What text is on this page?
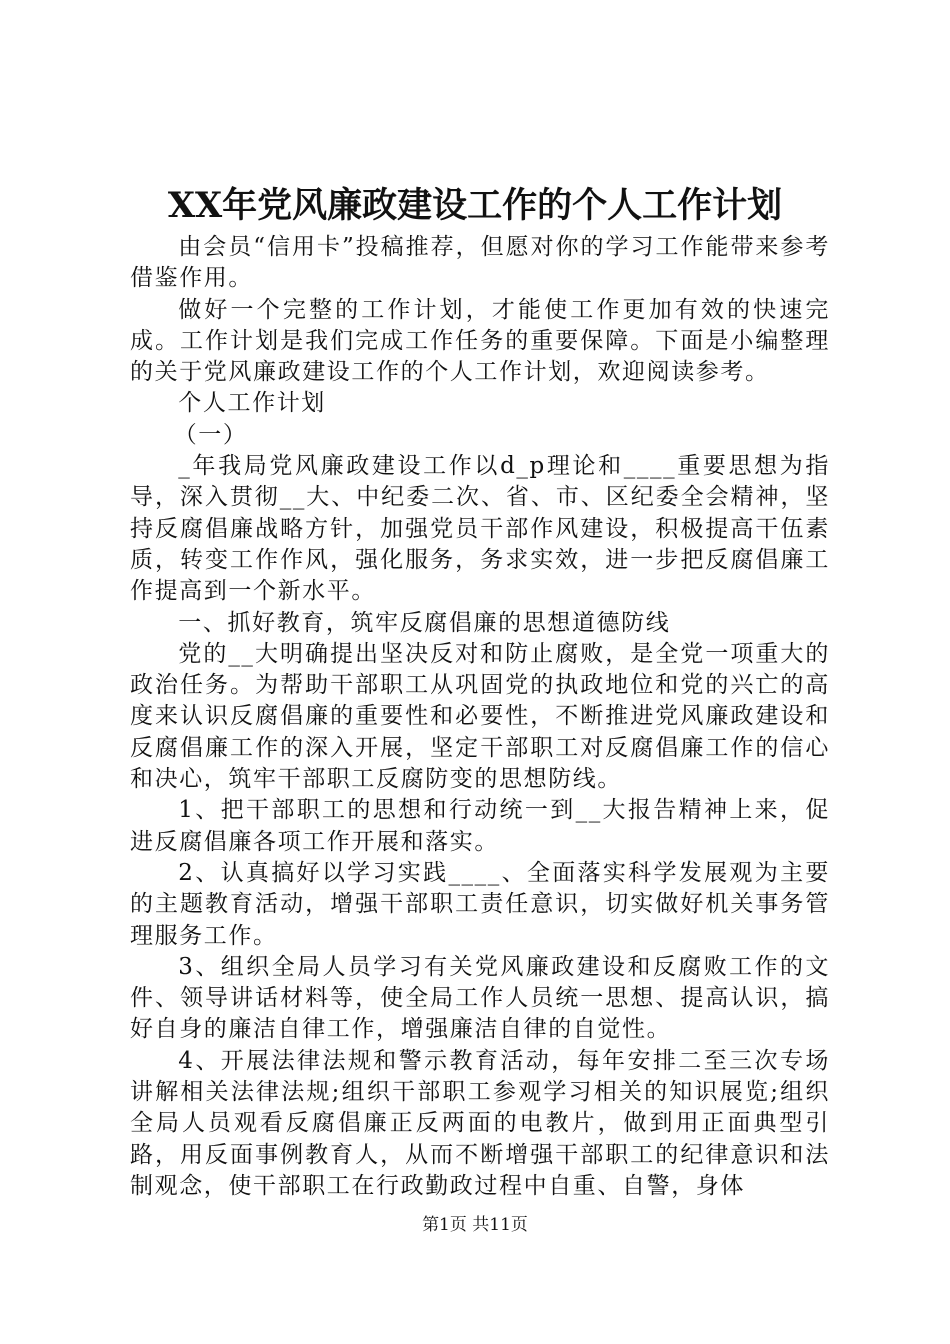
XX年党风廉政建设工作的个人工作计划

由会员“信用卡”投稿推荐，但愿对你的学习工作能带来参考借鉴作用。

做好一个完整的工作计划，才能使工作更加有效的快速完成。工作计划是我们完成工作任务的重要保障。下面是小编整理的关于党风廉政建设工作的个人工作计划，欢迎阅读参考。

个人工作计划

（一）

_年我局党风廉政建设工作以d_p理论和____重要思想为指导，深入贯彻__大、中纪委二次、省、市、区纪委全会精神，坚持反腐倡廉战略方针，加强党员干部作风建设，积极提高干伍素质，转变工作作风，强化服务，务求实效，进一步把反腐倡廉工作提高到一个新水平。

一、抓好教育，筑牢反腐倡廉的思想道德防线

党的__大明确提出坚决反对和防止腐败，是全党一项重大的政治任务。为帮助干部职工从巩固党的执政地位和党的兴亡的高度来认识反腐倡廉的重要性和必要性，不断推进党风廉政建设和反腐倡廉工作的深入开展，坚定干部职工对反腐倡廉工作的信心和决心，筑牢干部职工反腐防变的思想防线。

1、把干部职工的思想和行动统一到__大报告精神上来，促进反腐倡廉各项工作开展和落实。

2、认真搞好以学习实践____、全面落实科学发展观为主要的主题教育活动，增强干部职工责任意识，切实做好机关事务管理服务工作。

3、组织全局人员学习有关党风廉政建设和反腐败工作的文件、领导讲话材料等，使全局工作人员统一思想、提高认识，搞好自身的廉洁自律工作，增强廉洁自律的自觉性。

4、开展法律法规和警示教育活动，每年安排二至三次专场讲解相关法律法规;组织干部职工参观学习相关的知识展览;组织全局人员观看反腐倡廉正反两面的电教片，做到用正面典型引路，用反面事例教育人，从而不断增强干部职工的纪律意识和法制观念，使干部职工在行政勤政过程中自重、自警，身体

第1页 共11页
